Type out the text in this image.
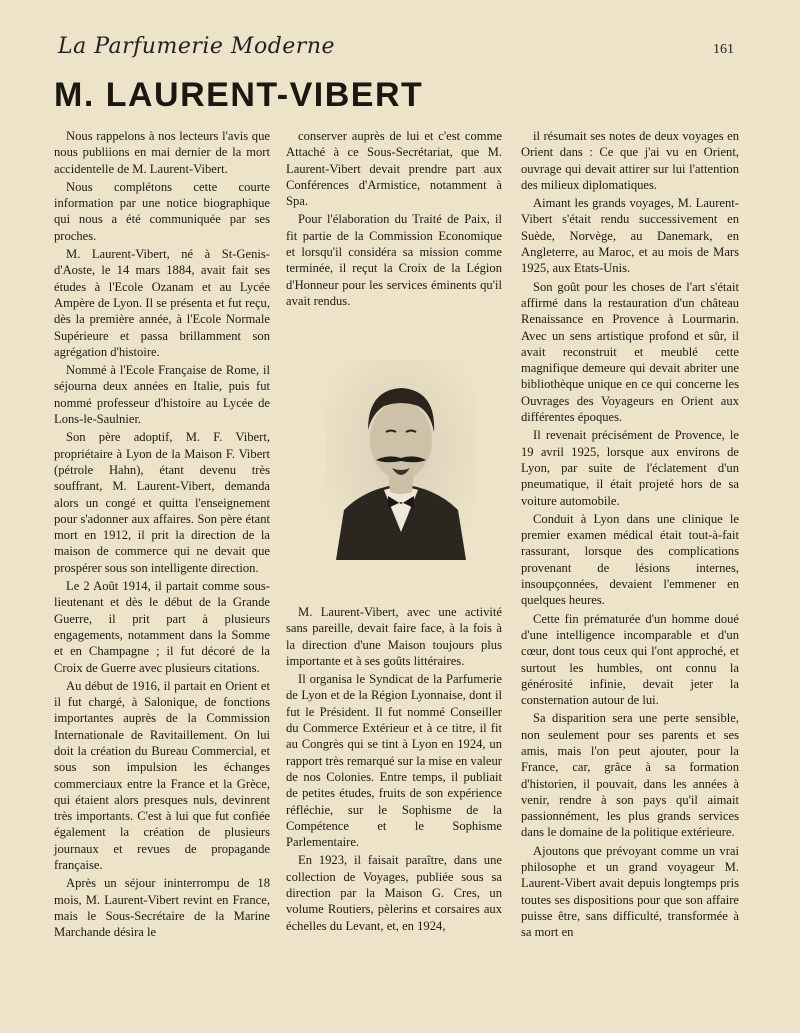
La Parfumerie Moderne	161
M. LAURENT-VIBERT

Nous rappelons à nos lecteurs l'avis que nous publiions en mai dernier de la mort accidentelle de M. Laurent-Vibert.

Nous complétons cette courte information par une notice biographique qui nous a été communiquée par ses proches.

M. Laurent-Vibert, né à St-Genis-d'Aoste, le 14 mars 1884, avait fait ses études à l'Ecole Ozanam et au Lycée Ampère de Lyon. Il se présenta et fut reçu, dès la première année, à l'Ecole Normale Supérieure et passa brillamment son agrégation d'histoire.

Nommé à l'Ecole Française de Rome, il séjourna deux années en Italie, puis fut nommé professeur d'histoire au Lycée de Lons-le-Saulnier.

Son père adoptif, M. F. Vibert, propriétaire à Lyon de la Maison F. Vibert (pétrole Hahn), étant devenu très souffrant, M. Laurent-Vibert, demanda alors un congé et quitta l'enseignement pour s'adonner aux affaires. Son père étant mort en 1912, il prit la direction de la maison de commerce qui ne devait que prospérer sous son intelligente direction.

Le 2 Août 1914, il partait comme sous-lieutenant et dès le début de la Grande Guerre, il prit part à plusieurs engagements, notamment dans la Somme et en Champagne ; il fut décoré de la Croix de Guerre avec plusieurs citations.

Au début de 1916, il partait en Orient et il fut chargé, à Salonique, de fonctions importantes auprès de la Commission Internationale de Ravitaillement. On lui doit la création du Bureau Commercial, et sous son impulsion les échanges commerciaux entre la France et la Grèce, qui étaient alors presques nuls, devinrent très importants. C'est à lui que fut confiée également la création de plusieurs journaux et revues de propagande française.

Après un séjour ininterrompu de 18 mois, M. Laurent-Vibert revint en France, mais le Sous-Secrétaire de la Marine Marchande désira le

conserver auprès de lui et c'est comme Attaché à ce Sous-Secrétariat, que M. Laurent-Vibert devait prendre part aux Conférences d'Armistice, notamment à Spa.

Pour l'élaboration du Traité de Paix, il fit partie de la Commission Economique et lorsqu'il considéra sa mission comme terminée, il reçut la Croix de la Légion d'Honneur pour les services éminents qu'il avait rendus.

M. Laurent-Vibert, avec une activité sans pareille, devait faire face, à la fois à la direction d'une Maison toujours plus importante et à ses goûts littéraires.

Il organisa le Syndicat de la Parfumerie de Lyon et de la Région Lyonnaise, dont il fut le Président. Il fut nommé Conseiller du Commerce Extérieur et à ce titre, il fit au Congrès qui se tint à Lyon en 1924, un rapport très remarqué sur la mise en valeur de nos Colonies. Entre temps, il publiait de petites études, fruits de son expérience réfléchie, sur le Sophisme de la Compétence et le Sophisme Parlementaire.

En 1923, il faisait paraître, dans une collection de Voyages, publiée sous sa direction par la Maison G. Cres, un volume Routiers, pèlerins et corsaires aux échelles du Levant, et, en 1924,

il résumait ses notes de deux voyages en Orient dans : Ce que j'ai vu en Orient, ouvrage qui devait attirer sur lui l'attention des milieux diplomatiques.

Aimant les grands voyages, M. Laurent-Vibert s'était rendu successivement en Suède, Norvège, au Danemark, en Angleterre, au Maroc, et au mois de Mars 1925, aux Etats-Unis.

Son goût pour les choses de l'art s'était affirmé dans la restauration d'un château Renaissance en Provence à Lourmarin. Avec un sens artistique profond et sûr, il avait reconstruit et meublé cette magnifique demeure qui devait abriter une bibliothèque unique en ce qui concerne les Ouvrages des Voyageurs en Orient aux différentes époques.

Il revenait précisément de Provence, le 19 avril 1925, lorsque aux environs de Lyon, par suite de l'éclatement d'un pneumatique, il était projeté hors de sa voiture automobile.

Conduit à Lyon dans une clinique le premier examen médical était tout-à-fait rassurant, lorsque des complications provenant de lésions internes, insoupçonnées, devaient l'emmener en quelques heures.

Cette fin prématurée d'un homme doué d'une intelligence incomparable et d'un cœur, dont tous ceux qui l'ont approché, et surtout les humbles, ont connu la générosité infinie, devait jeter la consternation autour de lui.

Sa disparition sera une perte sensible, non seulement pour ses parents et ses amis, mais l'on peut ajouter, pour la France, car, grâce à sa formation d'historien, il pouvait, dans les années à venir, rendre à son pays qu'il aimait passionnément, les plus grands services dans le domaine de la politique extérieure.

Ajoutons que prévoyant comme un vrai philosophe et un grand voyageur M. Laurent-Vibert avait depuis longtemps pris toutes ses dispositions pour que son affaire puisse être, sans difficulté, transformée à sa mort en
